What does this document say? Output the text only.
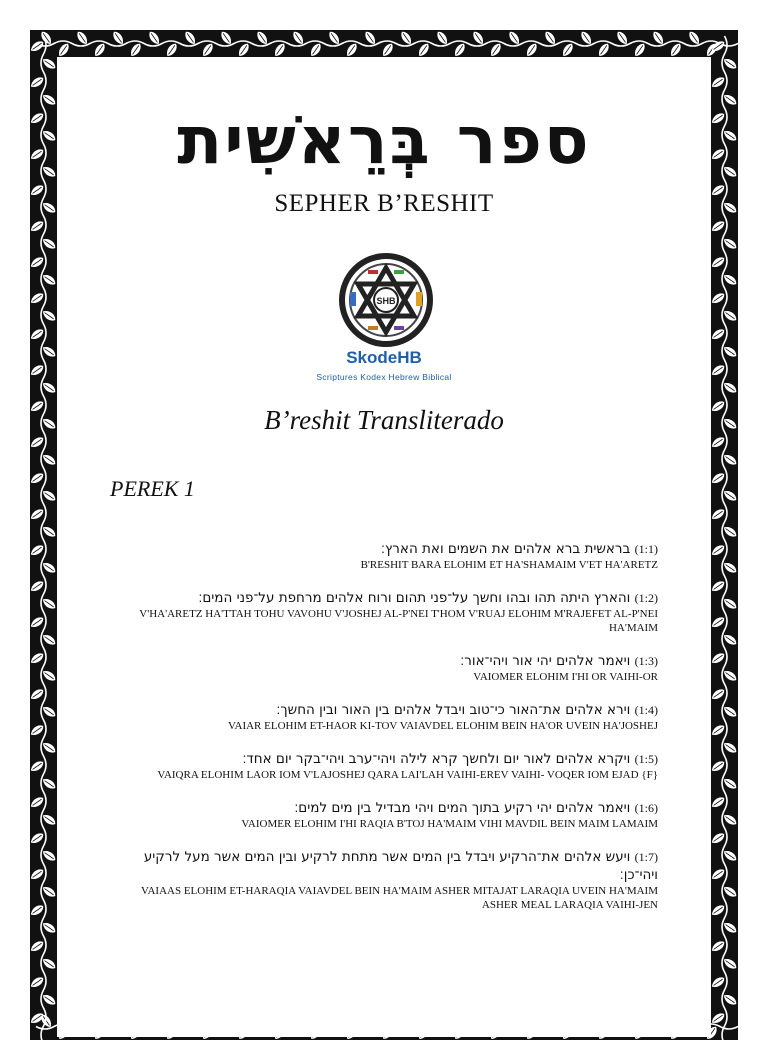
ספר בְּרֵאשִׁית
SEPHER B’RESHIT
SHB
SkodeHB
Scriptures Kodex Hebrew Biblical
B’reshit Transliterado
PEREK 1
(1:1) בראשית ברא אלהים את השמים ואת הארץ׃
B'RESHIT BARA ELOHIM ET HA'SHAMAIM V'ET HA'ARETZ
(1:2) והארץ היתה תהו ובהו וחשך על־פני תהום ורוח אלהים מרחפת על־פני המים׃
V'HA'ARETZ HA'TTAH TOHU VAVOHU V'JOSHEJ AL-P'NEI T'HOM V'RUAJ ELOHIM M'RAJEFET AL-P'NEI HA'MAIM
(1:3) ויאמר אלהים יהי אור ויהי־אור׃
VAIOMER ELOHIM I'HI OR VAIHI-OR
(1:4) וירא אלהים את־האור כי־טוב ויבדל אלהים בין האור ובין החשך׃
VAIAR ELOHIM ET-HAOR KI-TOV VAIAVDEL ELOHIM BEIN HA'OR UVEIN HA'JOSHEJ
(1:5) ויקרא אלהים לאור יום ולחשך קרא לילה ויהי־ערב ויהי־בקר יום אחד׃
VAIQRA ELOHIM LAOR IOM V'LAJOSHEJ QARA LAI'LAH VAIHI-EREV VAIHI- VOQER IOM EJAD {F}
(1:6) ויאמר אלהים יהי רקיע בתוך המים ויהי מבדיל בין מים למים׃
VAIOMER ELOHIM I'HI RAQIA B'TOJ HA'MAIM VIHI MAVDIL BEIN MAIM LAMAIM
(1:7) ויעש אלהים את־הרקיע ויבדל בין המים אשר מתחת לרקיע ובין המים אשר מעל לרקיע ויהי־כן׃
VAIAAS ELOHIM ET-HARAQIA VAIAVDEL BEIN HA'MAIM ASHER MITAJAT LARAQIA UVEIN HA'MAIM ASHER MEAL LARAQIA VAIHI-JEN
